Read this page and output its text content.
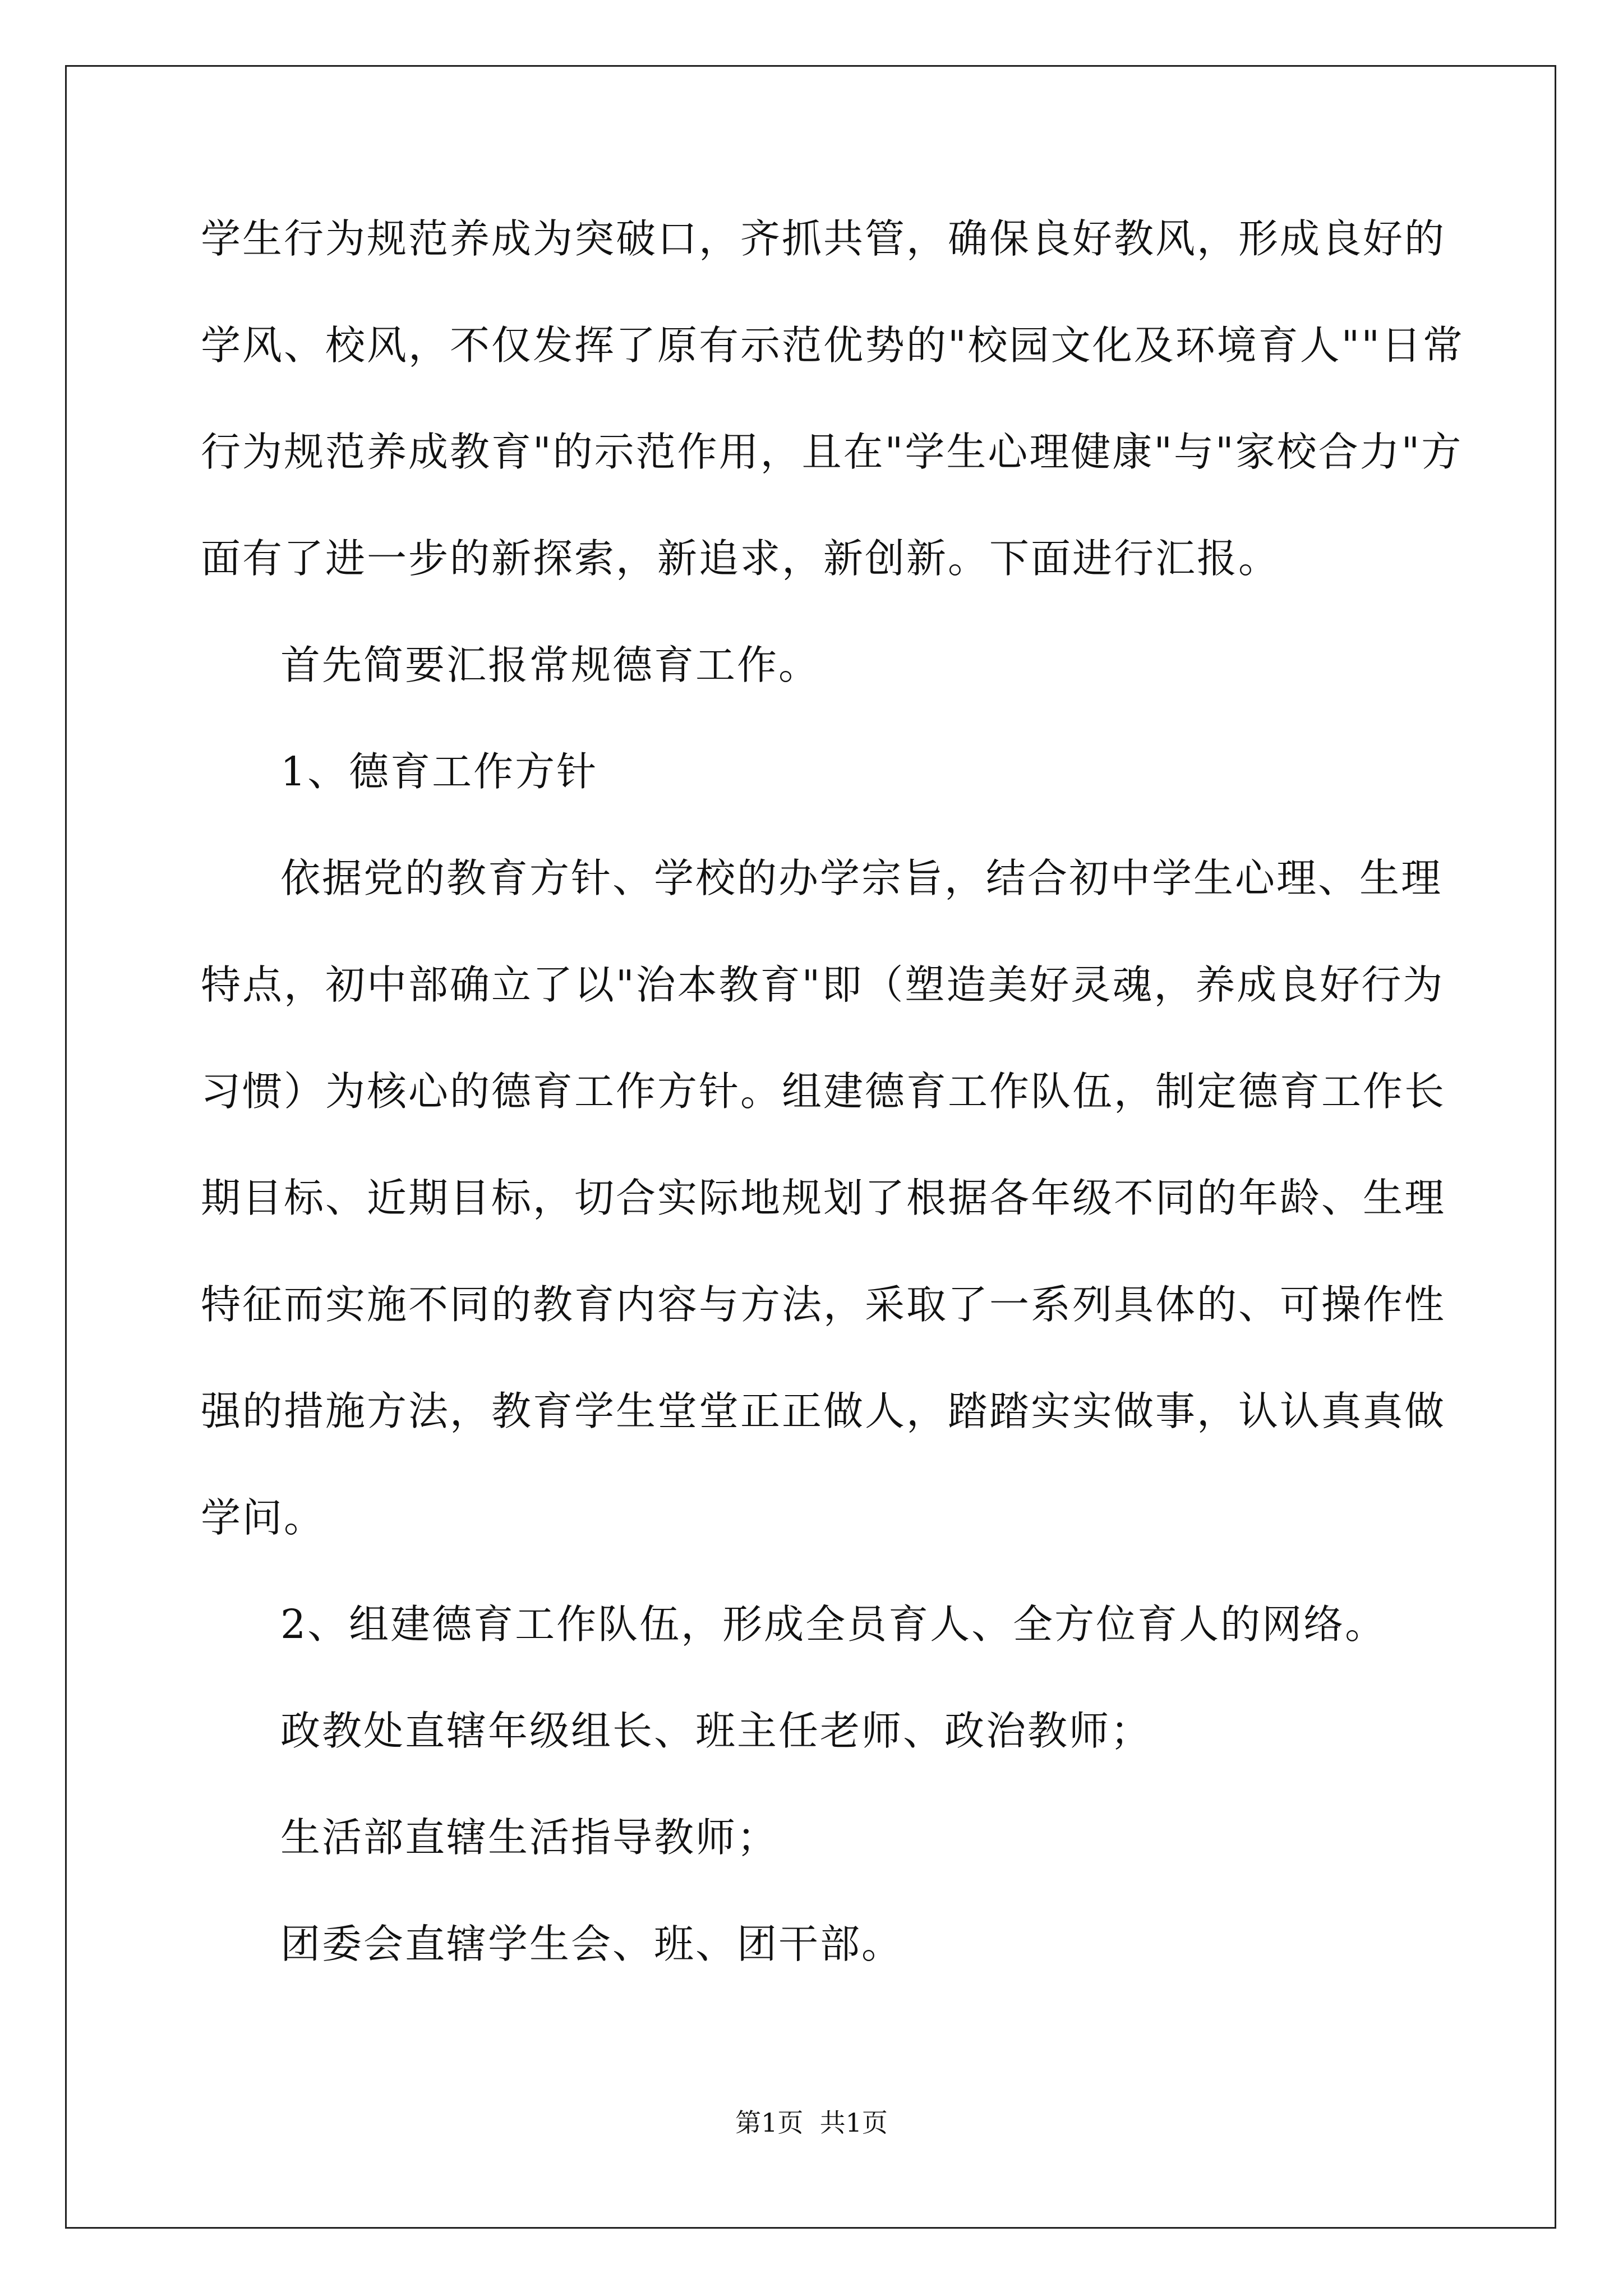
学生行为规范养成为突破口，齐抓共管，确保良好教风，形成良好的
学风、校风，不仅发挥了原有示范优势的"校园文化及环境育人""日常
行为规范养成教育"的示范作用，且在"学生心理健康"与"家校合力"方
面有了进一步的新探索，新追求，新创新。下面进行汇报。
首先简要汇报常规德育工作。
1、德育工作方针
依据党的教育方针、学校的办学宗旨，结合初中学生心理、生理
特点，初中部确立了以"治本教育"即（塑造美好灵魂，养成良好行为
习惯）为核心的德育工作方针。组建德育工作队伍，制定德育工作长
期目标、近期目标，切合实际地规划了根据各年级不同的年龄、生理
特征而实施不同的教育内容与方法，采取了一系列具体的、可操作性
强的措施方法，教育学生堂堂正正做人，踏踏实实做事，认认真真做
学问。
2、组建德育工作队伍，形成全员育人、全方位育人的网络。
政教处直辖年级组长、班主任老师、政治教师；
生活部直辖生活指导教师；
团委会直辖学生会、班、团干部。
第1页  共1页
